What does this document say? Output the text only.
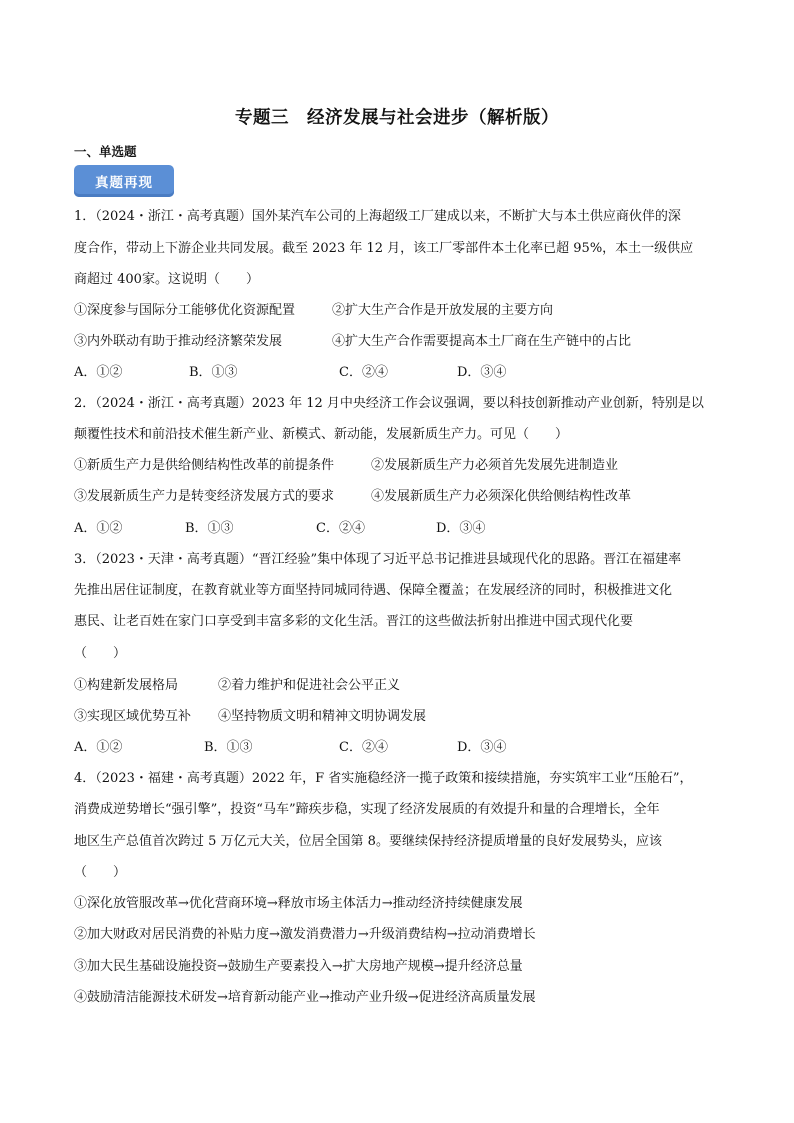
专题三　经济发展与社会进步（解析版）
一、单选题
真题再现
1．（2024・浙江・高考真题）国外某汽车公司的上海超级工厂建成以来，不断扩大与本土供应商伙伴的深
度合作，带动上下游企业共同发展。截至 2023 年 12 月，该工厂零部件本土化率已超 95%，本土一级供应
商超过 400家。这说明（　　）
①深度参与国际分工能够优化资源配置	②扩大生产合作是开放发展的主要方向
③内外联动有助于推动经济繁荣发展	④扩大生产合作需要提高本土厂商在生产链中的占比
A．①②	B．①③	C．②④	D．③④
2．（2024・浙江・高考真题）2023 年 12 月中央经济工作会议强调，要以科技创新推动产业创新，特别是以
颠覆性技术和前沿技术催生新产业、新模式、新动能，发展新质生产力。可见（　　）
①新质生产力是供给侧结构性改革的前提条件	②发展新质生产力必须首先发展先进制造业
③发展新质生产力是转变经济发展方式的要求	④发展新质生产力必须深化供给侧结构性改革
A．①②	B．①③	C．②④	D．③④
3．（2023・天津・高考真题）“晋江经验”集中体现了习近平总书记推进县域现代化的思路。晋江在福建率
先推出居住证制度，在教育就业等方面坚持同城同待遇、保障全覆盖；在发展经济的同时，积极推进文化
惠民、让老百姓在家门口享受到丰富多彩的文化生活。晋江的这些做法折射出推进中国式现代化要
（　　）
①构建新发展格局	②着力维护和促进社会公平正义
③实现区域优势互补 ④坚持物质文明和精神文明协调发展
A．①②	B．①③	C．②④	D．③④
4．（2023・福建・高考真题）2022 年，F 省实施稳经济一揽子政策和接续措施，夯实筑牢工业“压舱石”，
消费成逆势增长“强引擎”，投资“马车”蹄疾步稳，实现了经济发展质的有效提升和量的合理增长，全年
地区生产总值首次跨过 5 万亿元大关，位居全国第 8。要继续保持经济提质增量的良好发展势头，应该
（　　）
①深化放管服改革→优化营商环境→释放市场主体活力→推动经济持续健康发展
②加大财政对居民消费的补贴力度→激发消费潜力→升级消费结构→拉动消费增长
③加大民生基础设施投资→鼓励生产要素投入→扩大房地产规模→提升经济总量
④鼓励清洁能源技术研发→培育新动能产业→推动产业升级→促进经济高质量发展
